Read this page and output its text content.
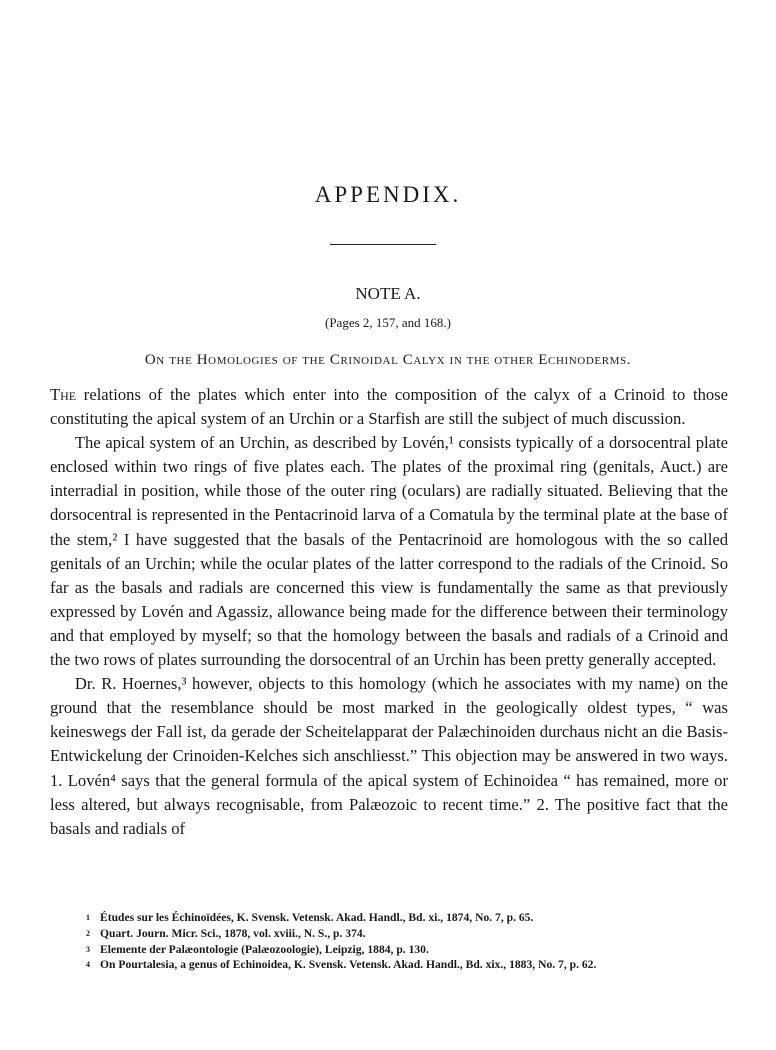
APPENDIX.
NOTE A.
(Pages 2, 157, and 168.)
On the Homologies of the Crinoidal Calyx in the other Echinoderms.

The relations of the plates which enter into the composition of the calyx of a Crinoid to those constituting the apical system of an Urchin or a Starfish are still the subject of much discussion.

The apical system of an Urchin, as described by Lovén,¹ consists typically of a dorsocentral plate enclosed within two rings of five plates each. The plates of the proximal ring (genitals, Auct.) are interradial in position, while those of the outer ring (oculars) are radially situated. Believing that the dorsocentral is represented in the Pentacrinoid larva of a Comatula by the terminal plate at the base of the stem,² I have suggested that the basals of the Pentacrinoid are homologous with the so called genitals of an Urchin; while the ocular plates of the latter correspond to the radials of the Crinoid. So far as the basals and radials are concerned this view is fundamentally the same as that previously expressed by Lovén and Agassiz, allowance being made for the difference between their terminology and that employed by myself; so that the homology between the basals and radials of a Crinoid and the two rows of plates surrounding the dorsocentral of an Urchin has been pretty generally accepted.

Dr. R. Hoernes,³ however, objects to this homology (which he associates with my name) on the ground that the resemblance should be most marked in the geologically oldest types, “ was keineswegs der Fall ist, da gerade der Scheitelapparat der Palæchinoiden durchaus nicht an die Basis-Entwickelung der Crinoiden-Kelches sich anschliesst.” This objection may be answered in two ways. 1. Lovén⁴ says that the general formula of the apical system of Echinoidea “ has remained, more or less altered, but always recognisable, from Palæozoic to recent time.” 2. The positive fact that the basals and radials of

1 Études sur les Échinoïdées, K. Svensk. Vetensk. Akad. Handl., Bd. xi., 1874, No. 7, p. 65.
2 Quart. Journ. Micr. Sci., 1878, vol. xviii., N. S., p. 374.
3 Elemente der Palæontologie (Palæozoologie), Leipzig, 1884, p. 130.
4 On Pourtalesia, a genus of Echinoidea, K. Svensk. Vetensk. Akad. Handl., Bd. xix., 1883, No. 7, p. 62.
